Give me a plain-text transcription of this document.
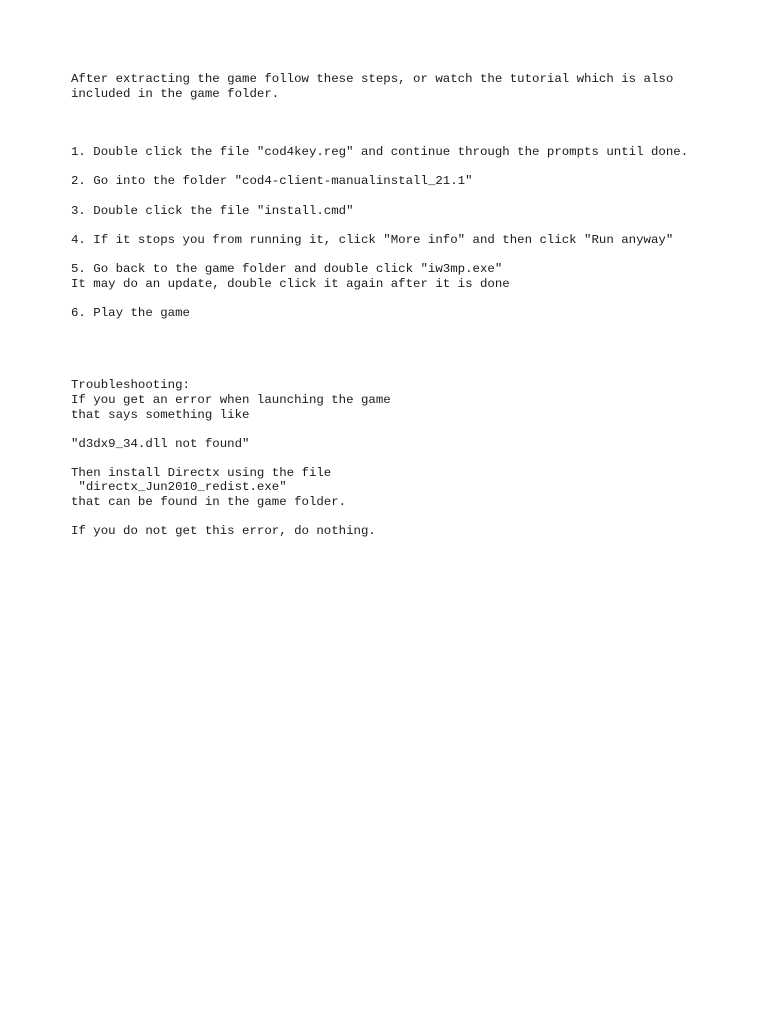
After extracting the game follow these steps, or watch the tutorial which is also
included in the game folder.
1. Double click the file "cod4key.reg" and continue through the prompts until done.
2. Go into the folder "cod4-client-manualinstall_21.1"
3. Double click the file "install.cmd"
4. If it stops you from running it, click "More info" and then click "Run anyway"
5. Go back to the game folder and double click "iw3mp.exe"
It may do an update, double click it again after it is done
6. Play the game
Troubleshooting:
If you get an error when launching the game
that says something like
"d3dx9_34.dll not found"
Then install Directx using the file
"directx_Jun2010_redist.exe"
that can be found in the game folder.
If you do not get this error, do nothing.
